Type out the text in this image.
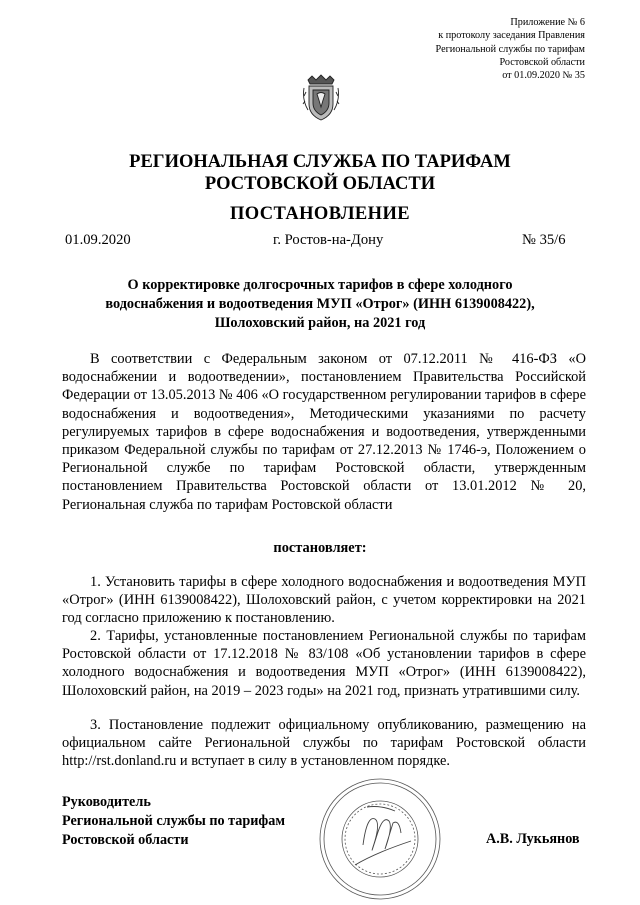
Приложение № 6
к протоколу заседания Правления
Региональной службы по тарифам
Ростовской области
от 01.09.2020 № 35
РЕГИОНАЛЬНАЯ СЛУЖБА ПО ТАРИФАМ
РОСТОВСКОЙ ОБЛАСТИ
ПОСТАНОВЛЕНИЕ
01.09.2020	г. Ростов-на-Дону	№ 35/6
О корректировке долгосрочных тарифов в сфере холодного
водоснабжения и водоотведения МУП «Отрог» (ИНН 6139008422),
Шолоховский район, на 2021 год
В соответствии с Федеральным законом от 07.12.2011 № 416-ФЗ «О водоснабжении и водоотведении», постановлением Правительства Российской Федерации от 13.05.2013 № 406 «О государственном регулировании тарифов в сфере водоснабжения и водоотведения», Методическими указаниями по расчету регулируемых тарифов в сфере водоснабжения и водоотведения, утвержденными приказом Федеральной службы по тарифам от 27.12.2013 № 1746-э, Положением о Региональной службе по тарифам Ростовской области, утвержденным постановлением Правительства Ростовской области от 13.01.2012 № 20, Региональная служба по тарифам Ростовской области
постановляет:
1. Установить тарифы в сфере холодного водоснабжения и водоотведения МУП «Отрог» (ИНН 6139008422), Шолоховский район, с учетом корректировки на 2021 год согласно приложению к постановлению.
2. Тарифы, установленные постановлением Региональной службы по тарифам Ростовской области от 17.12.2018 № 83/108 «Об установлении тарифов в сфере холодного водоснабжения и водоотведения МУП «Отрог» (ИНН 6139008422), Шолоховский район, на 2019 – 2023 годы» на 2021 год, признать утратившими силу.
3. Постановление подлежит официальному опубликованию, размещению на официальном сайте Региональной службы по тарифам Ростовской области http://rst.donland.ru и вступает в силу в установленном порядке.
Руководитель
Региональной службы по тарифам
Ростовской области	А.В. Лукьянов
